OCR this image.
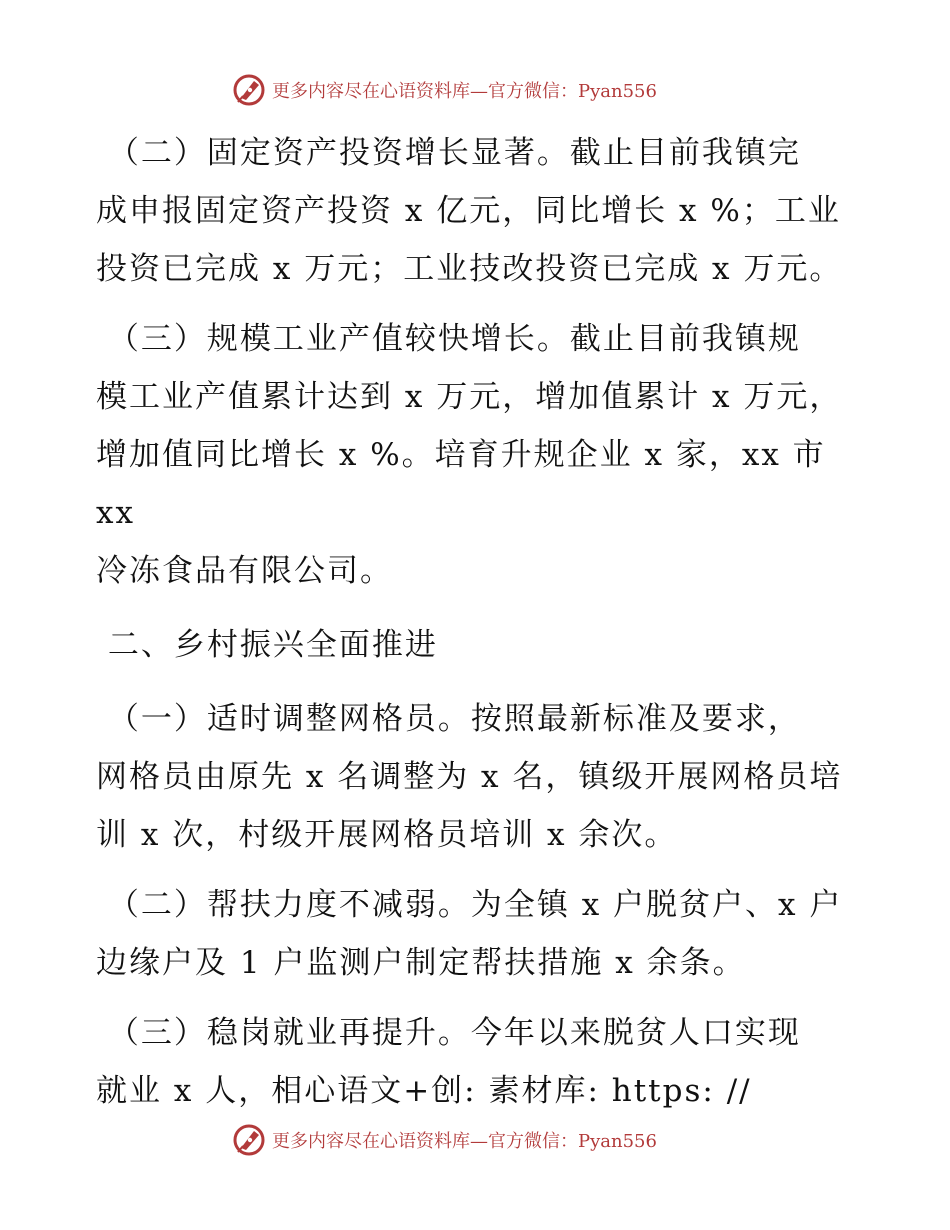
更多内容尽在心语资料库—官方微信：Pyan556

（二）固定资产投资增长显著。截止目前我镇完

成申报固定资产投资 x 亿元，同比增长 x %；工业

投资已完成 x 万元；工业技改投资已完成 x 万元。

（三）规模工业产值较快增长。截止目前我镇规

模工业产值累计达到 x 万元，增加值累计 x 万元，

增加值同比增长 x %。培育升规企业 x 家，xx 市 xx

冷冻食品有限公司。

二、乡村振兴全面推进

（一）适时调整网格员。按照最新标准及要求，

网格员由原先 x 名调整为 x 名，镇级开展网格员培

训 x 次，村级开展网格员培训 x 余次。

（二）帮扶力度不减弱。为全镇 x 户脱贫户、x 户

边缘户及 1 户监测户制定帮扶措施 x 余条。

（三）稳岗就业再提升。今年以来脱贫人口实现

就业 x 人，相心语文+创: 素材库: https: //

更多内容尽在心语资料库—官方微信：Pyan556
